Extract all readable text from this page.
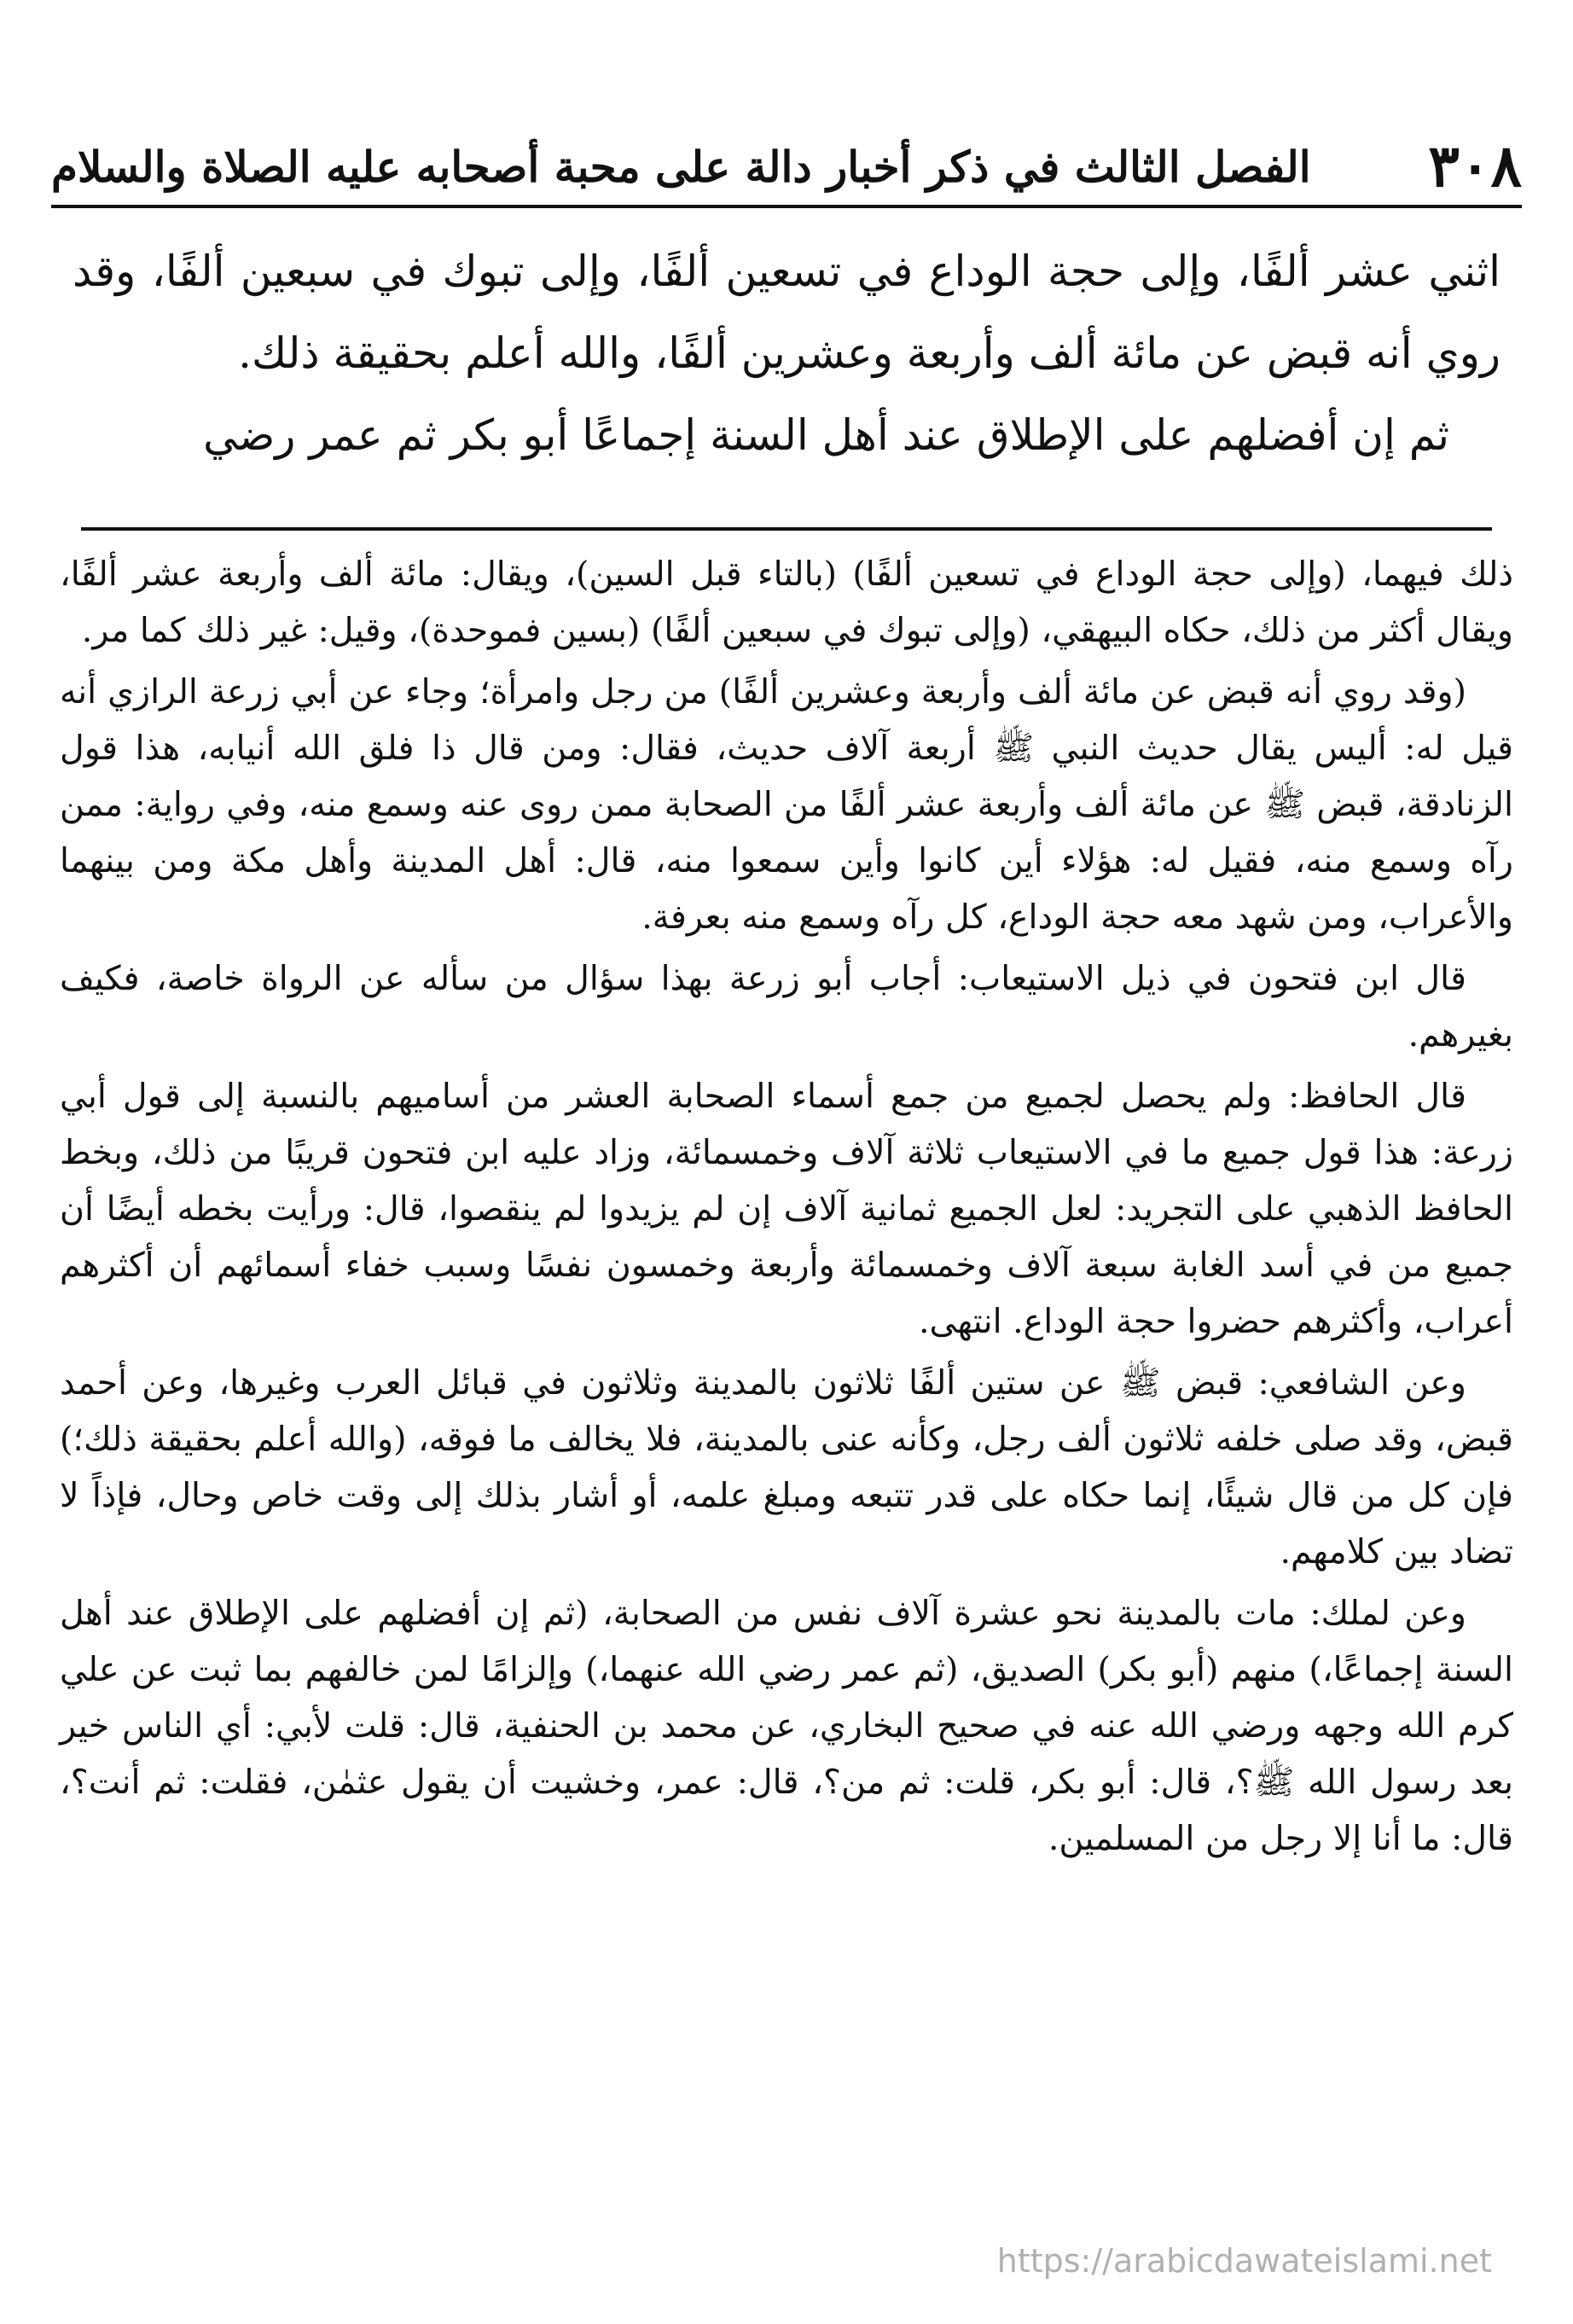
٣٠٨
الفصل الثالث في ذكر أخبار دالة على محبة أصحابه عليه الصلاة والسلام

اثني عشر ألفًا، وإلى حجة الوداع في تسعين ألفًا، وإلى تبوك في سبعين ألفًا، وقد روي أنه قبض عن مائة ألف وأربعة وعشرين ألفًا، والله أعلم بحقيقة ذلك.

ثم إن أفضلهم على الإطلاق عند أهل السنة إجماعًا أبو بكر ثم عمر رضي

ذلك فيهما، (وإلى حجة الوداع في تسعين ألفًا) (بالتاء قبل السين)، ويقال: مائة ألف وأربعة عشر ألفًا، ويقال أكثر من ذلك، حكاه البيهقي، (وإلى تبوك في سبعين ألفًا) (بسين فموحدة)، وقيل: غير ذلك كما مر.

(وقد روي أنه قبض عن مائة ألف وأربعة وعشرين ألفًا) من رجل وامرأة؛ وجاء عن أبي زرعة الرازي أنه قيل له: أليس يقال حديث النبي ﷺ أربعة آلاف حديث، فقال: ومن قال ذا فلق الله أنيابه، هذا قول الزنادقة، قبض ﷺ عن مائة ألف وأربعة عشر ألفًا من الصحابة ممن روى عنه وسمع منه، وفي رواية: ممن رآه وسمع منه، فقيل له: هؤلاء أين كانوا وأين سمعوا منه، قال: أهل المدينة وأهل مكة ومن بينهما والأعراب، ومن شهد معه حجة الوداع، كل رآه وسمع منه بعرفة.

قال ابن فتحون في ذيل الاستيعاب: أجاب أبو زرعة بهذا سؤال من سأله عن الرواة خاصة، فكيف بغيرهم.

قال الحافظ: ولم يحصل لجميع من جمع أسماء الصحابة العشر من أساميهم بالنسبة إلى قول أبي زرعة: هذا قول جميع ما في الاستيعاب ثلاثة آلاف وخمسمائة، وزاد عليه ابن فتحون قريبًا من ذلك، وبخط الحافظ الذهبي على التجريد: لعل الجميع ثمانية آلاف إن لم يزيدوا لم ينقصوا، قال: ورأيت بخطه أيضًا أن جميع من في أسد الغابة سبعة آلاف وخمسمائة وأربعة وخمسون نفسًا وسبب خفاء أسمائهم أن أكثرهم أعراب، وأكثرهم حضروا حجة الوداع. انتهى.

وعن الشافعي: قبض ﷺ عن ستين ألفًا ثلاثون بالمدينة وثلاثون في قبائل العرب وغيرها، وعن أحمد قبض، وقد صلى خلفه ثلاثون ألف رجل، وكأنه عنى بالمدينة، فلا يخالف ما فوقه، (والله أعلم بحقيقة ذلك؛) فإن كل من قال شيئًا، إنما حكاه على قدر تتبعه ومبلغ علمه، أو أشار بذلك إلى وقت خاص وحال، فإذاً لا تضاد بين كلامهم.

وعن لملك: مات بالمدينة نحو عشرة آلاف نفس من الصحابة، (ثم إن أفضلهم على الإطلاق عند أهل السنة إجماعًا،) منهم (أبو بكر) الصديق، (ثم عمر رضي الله عنهما،) وإلزامًا لمن خالفهم بما ثبت عن علي كرم الله وجهه ورضي الله عنه في صحيح البخاري، عن محمد بن الحنفية، قال: قلت لأبي: أي الناس خير بعد رسول الله ﷺ؟، قال: أبو بكر، قلت: ثم من؟، قال: عمر، وخشيت أن يقول عثمٰن، فقلت: ثم أنت؟، قال: ما أنا إلا رجل من المسلمين.

https://arabicdawateislami.net
